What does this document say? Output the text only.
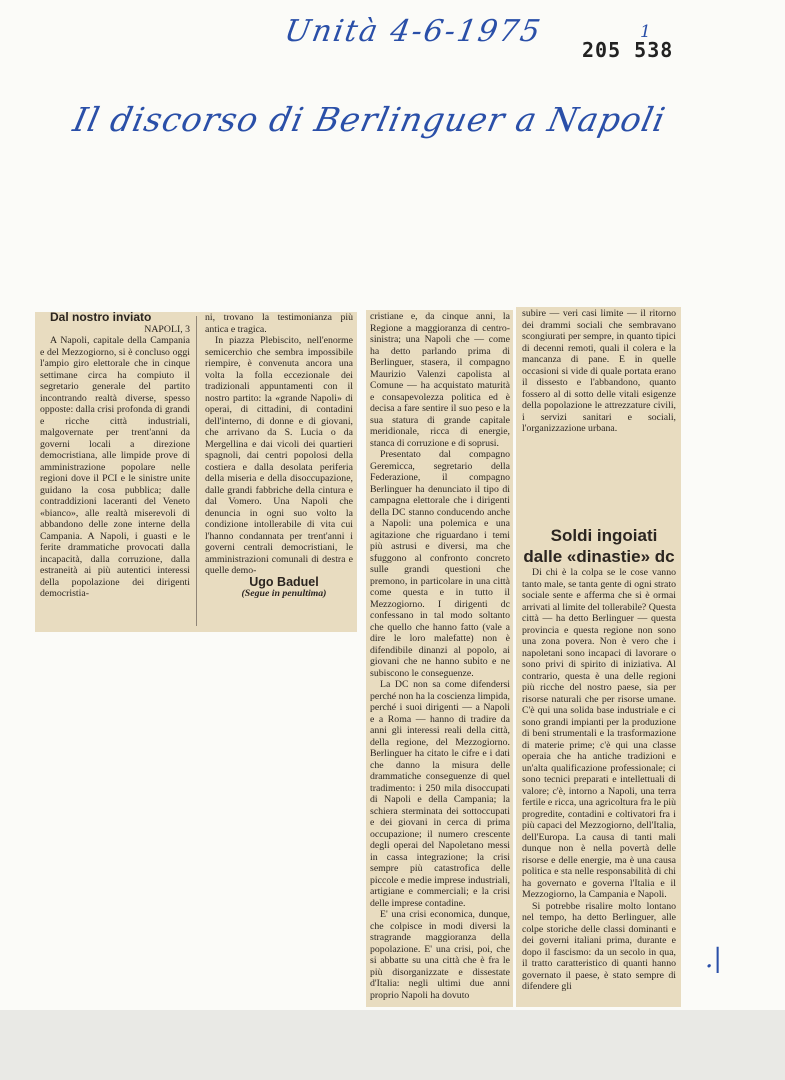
Unità 4-6-1975	1
205 538
Il discorso di Berlinguer a Napoli

Dal nostro inviato

NAPOLI, 3

A Napoli, capitale della Campania e del Mezzogiorno, si è concluso oggi l'ampio giro elettorale che in cinque settimane circa ha compiuto il segretario generale del partito incontrando realtà diverse, spesso opposte: dalla crisi profonda di grandi e ricche città industriali, malgovernate per trent'anni da governi locali a direzione democristiana, alle limpide prove di amministrazione popolare nelle regioni dove il PCI e le sinistre unite guidano la cosa pubblica; dalle contraddizioni laceranti del Veneto «bianco», alle realtà miserevoli di abbandono delle zone interne della Campania. A Napoli, i guasti e le ferite drammatiche provocati dalla incapacità, dalla corruzione, dalla estraneità ai più autentici interessi della popolazione dei dirigenti democristia-

ni, trovano la testimonianza più antica e tragica.

In piazza Plebiscito, nell'enorme semicerchio che sembra impossibile riempire, è convenuta ancora una volta la folla eccezionale dei tradizionali appuntamenti con il nostro partito: la «grande Napoli» di operai, di cittadini, di contadini dell'interno, di donne e di giovani, che arrivano da S. Lucia o da Mergellina e dai vicoli dei quartieri spagnoli, dai centri popolosi della costiera e dalla desolata periferia della miseria e della disoccupazione, dalle grandi fabbriche della cintura e dal Vomero. Una Napoli che denuncia in ogni suo volto la condizione intollerabile di vita cui l'hanno condannata per trent'anni i governi centrali democristiani, le amministrazioni comunali di destra e quelle demo-

Ugo Baduel

(Segue in penultima)

cristiane e, da cinque anni, la Regione a maggioranza di centro-sinistra; una Napoli che — come ha detto parlando prima di Berlinguer, stasera, il compagno Maurizio Valenzi capolista al Comune — ha acquistato maturità e consapevolezza politica ed è decisa a fare sentire il suo peso e la sua statura di grande capitale meridionale, ricca di energie, stanca di corruzione e di soprusi.

Presentato dal compagno Geremicca, segretario della Federazione, il compagno Berlinguer ha denunciato il tipo di campagna elettorale che i dirigenti della DC stanno conducendo anche a Napoli: una polemica e una agitazione che riguardano i temi più astrusi e diversi, ma che sfuggono al confronto concreto sulle grandi questioni che premono, in particolare in una città come questa e in tutto il Mezzogiorno. I dirigenti dc confessano in tal modo soltanto che quello che hanno fatto (vale a dire le loro malefatte) non è difendibile dinanzi al popolo, ai giovani che ne hanno subito e ne subiscono le conseguenze.

La DC non sa come difendersi perché non ha la coscienza limpida, perché i suoi dirigenti — a Napoli e a Roma — hanno di tradire da anni gli interessi reali della città, della regione, del Mezzogiorno. Berlinguer ha citato le cifre e i dati che danno la misura delle drammatiche conseguenze di quel tradimento: i 250 mila disoccupati di Napoli e della Campania; la schiera sterminata dei sottoccupati e dei giovani in cerca di prima occupazione; il numero crescente degli operai del Napoletano messi in cassa integrazione; la crisi sempre più catastrofica delle piccole e medie imprese industriali, artigiane e commerciali; e la crisi delle imprese contadine.

E' una crisi economica, dunque, che colpisce in modi diversi la stragrande maggioranza della popolazione. E' una crisi, poi, che si abbatte su una città che è fra le più disorganizzate e dissestate d'Italia: negli ultimi due anni proprio Napoli ha dovuto

subire — veri casi limite — il ritorno dei drammi sociali che sembravano scongiurati per sempre, in quanto tipici di decenni remoti, quali il colera e la mancanza di pane. E in quelle occasioni si vide di quale portata erano il dissesto e l'abbandono, quanto fossero al di sotto delle vitali esigenze della popolazione le attrezzature civili, i servizi sanitari e sociali, l'organizzazione urbana.

Soldi ingoiati dalle «dinastie» dc

Di chi è la colpa se le cose vanno tanto male, se tanta gente di ogni strato sociale sente e afferma che si è ormai arrivati al limite del tollerabile? Questa città — ha detto Berlinguer — questa provincia e questa regione non sono una zona povera. Non è vero che i napoletani sono incapaci di lavorare o sono privi di spirito di iniziativa. Al contrario, questa è una delle regioni più ricche del nostro paese, sia per risorse naturali che per risorse umane. C'è qui una solida base industriale e ci sono grandi impianti per la produzione di beni strumentali e la trasformazione di materie prime; c'è qui una classe operaia che ha antiche tradizioni e un'alta qualificazione professionale; ci sono tecnici preparati e intellettuali di valore; c'è, intorno a Napoli, una terra fertile e ricca, una agricoltura fra le più progredite, contadini e coltivatori fra i più capaci del Mezzogiorno, dell'Italia, dell'Europa. La causa di tanti mali dunque non è nella povertà delle risorse e delle energie, ma è una causa politica e sta nelle responsabilità di chi ha governato e governa l'Italia e il Mezzogiorno, la Campania e Napoli.

Si potrebbe risalire molto lontano nel tempo, ha detto Berlinguer, alle colpe storiche delle classi dominanti e dei governi italiani prima, durante e dopo il fascismo: da un secolo in qua, il tratto caratteristico di quanti hanno governato il paese, è stato sempre di difendere gli

.|
